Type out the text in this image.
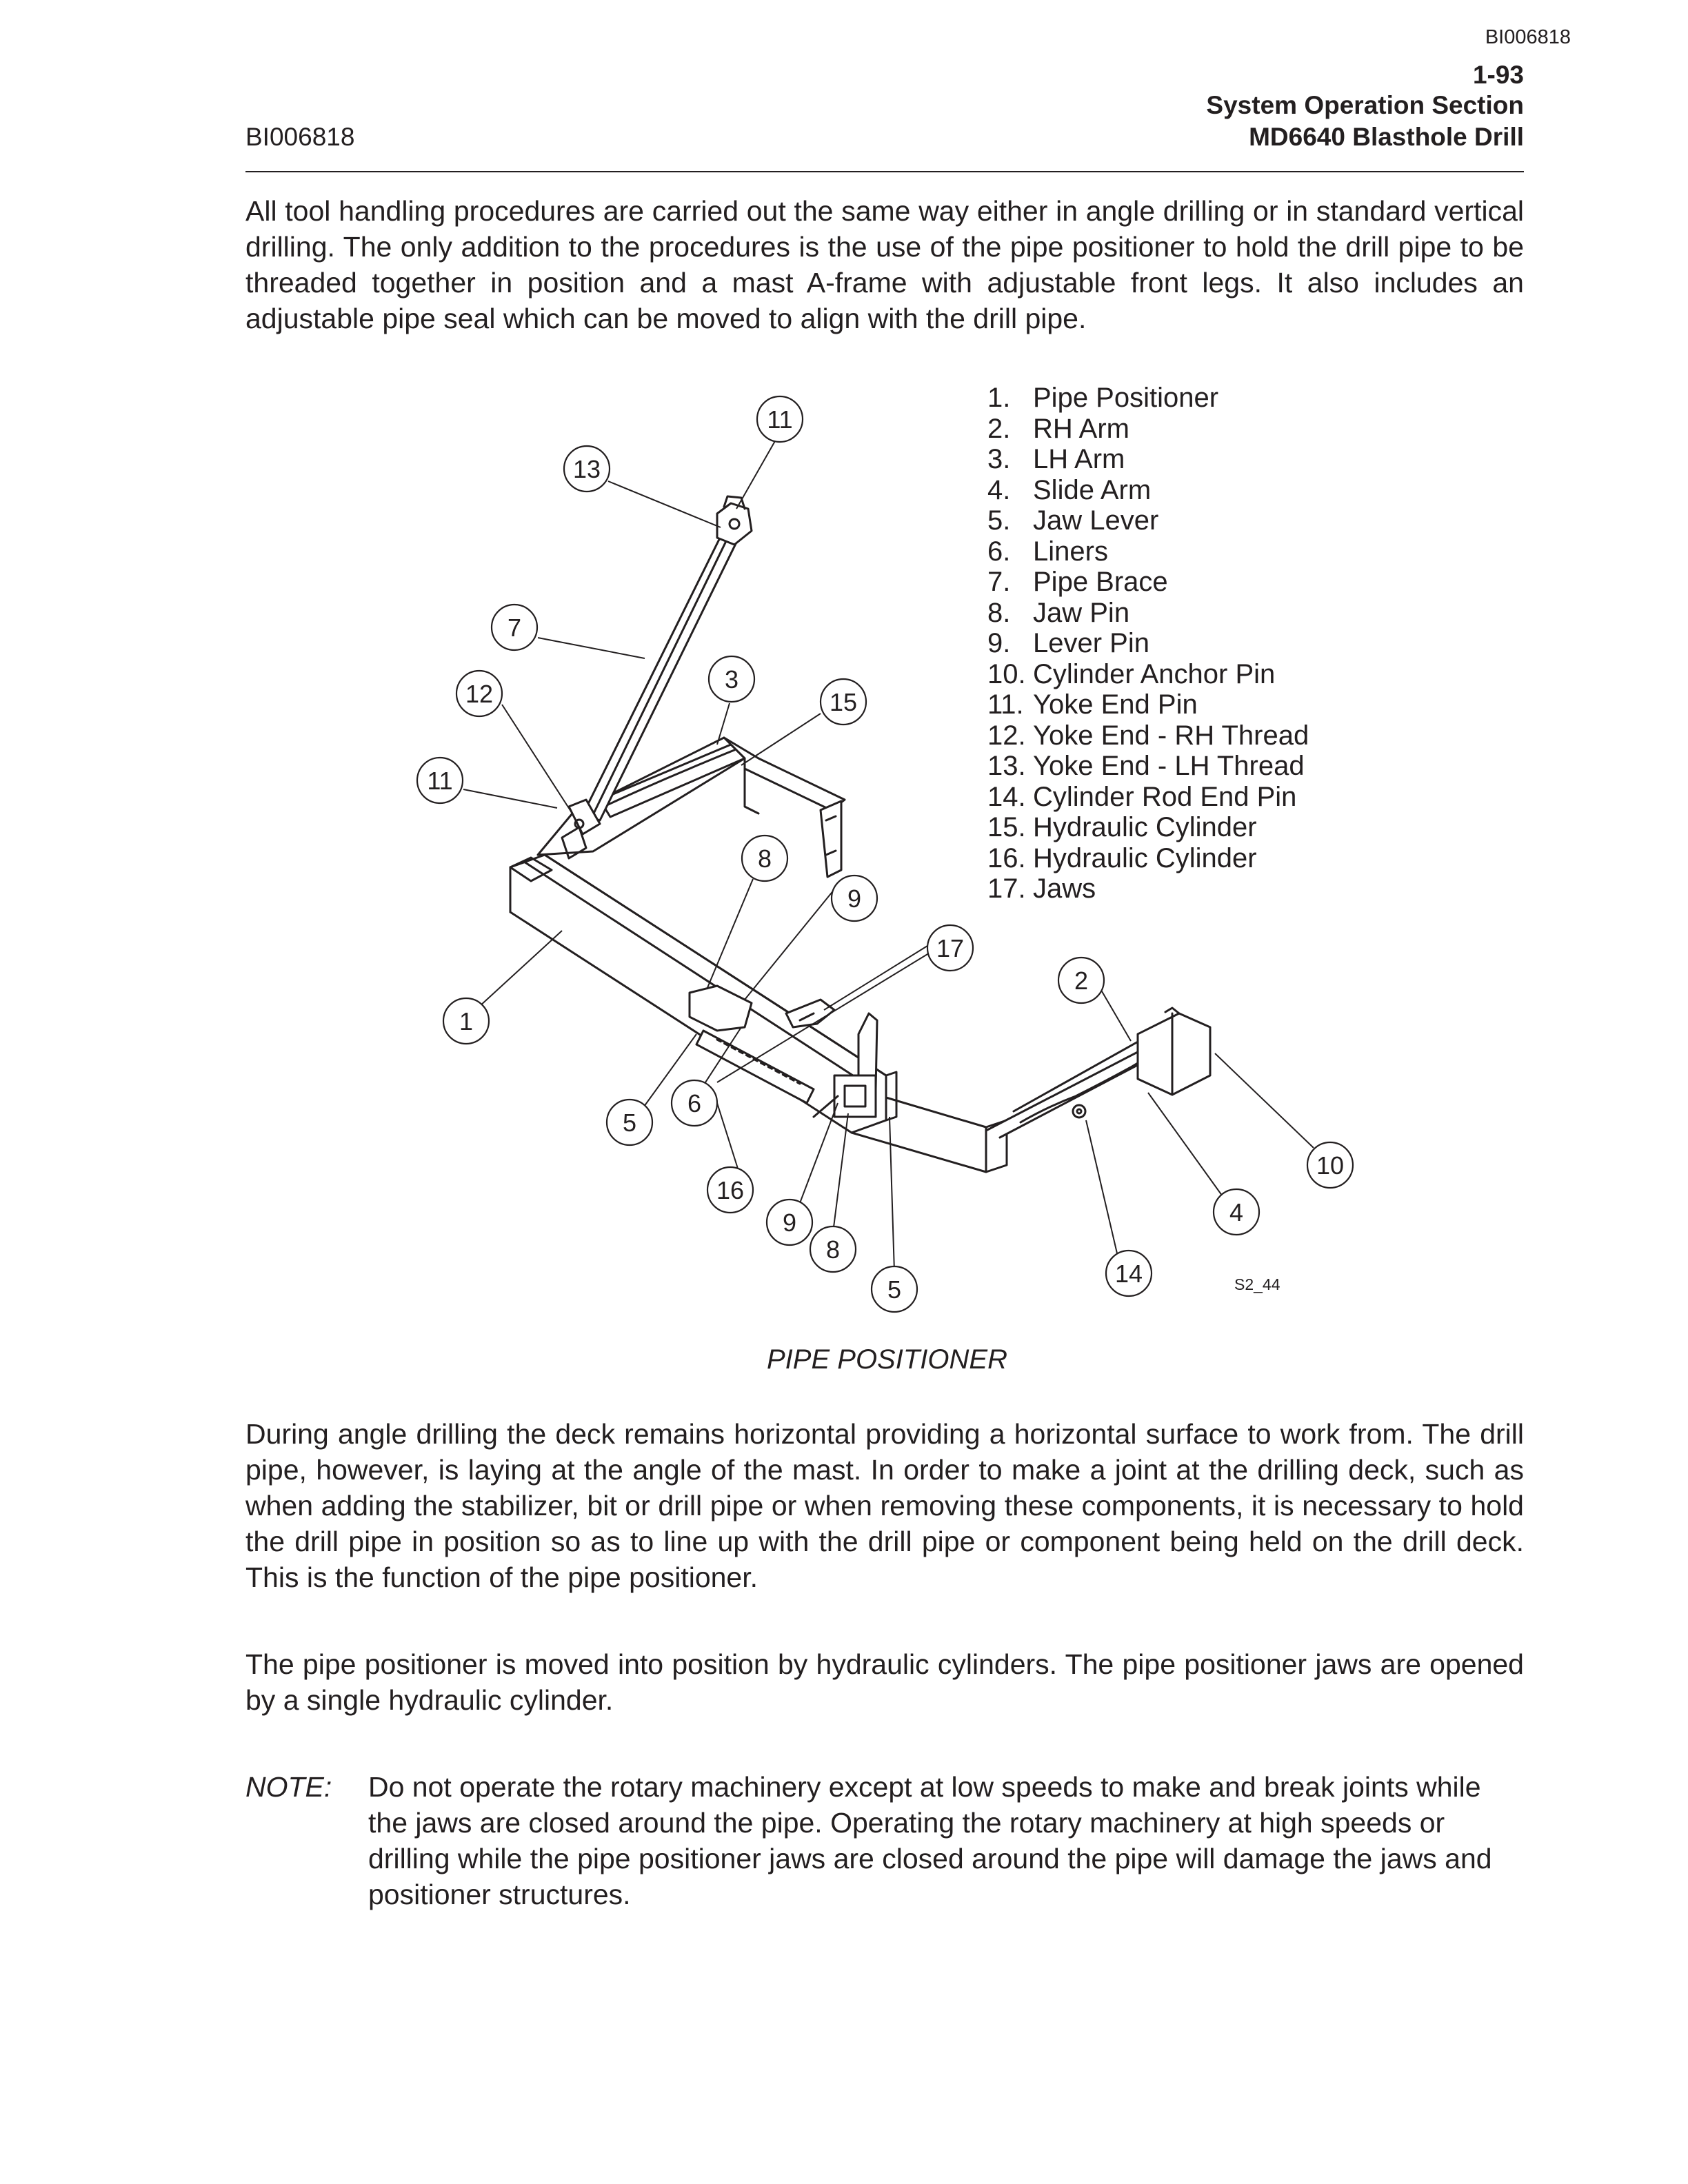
BI006818
1-93
System Operation Section
MD6640 Blasthole Drill
BI006818
All tool handling procedures are carried out the same way either in angle drilling or in standard vertical drilling. The only addition to the procedures is the use of the pipe positioner to hold the drill pipe to be threaded together in position and a mast A-frame with adjustable front legs. It also includes an adjustable pipe seal which can be moved to align with the drill pipe.
11
13
7
3
15
12
11
8
9
17
2
1
6
5
10
4
16
9
8
5
14
1. Pipe Positioner
2. RH Arm
3. LH Arm
4. Slide Arm
5. Jaw Lever
6. Liners
7. Pipe Brace
8. Jaw Pin
9. Lever Pin
10. Cylinder Anchor Pin
11. Yoke End Pin
12. Yoke End - RH Thread
13. Yoke End - LH Thread
14. Cylinder Rod End Pin
15. Hydraulic Cylinder
16. Hydraulic Cylinder
17. Jaws
S2_44
PIPE POSITIONER
During angle drilling the deck remains horizontal providing a horizontal surface to work from. The drill pipe, however, is laying at the angle of the mast. In order to make a joint at the drilling deck, such as when adding the stabilizer, bit or drill pipe or when removing these components, it is necessary to hold the drill pipe in position so as to line up with the drill pipe or component being held on the drill deck. This is the function of the pipe positioner.
The pipe positioner is moved into position by hydraulic cylinders. The pipe positioner jaws are opened by a single hydraulic cylinder.
NOTE: Do not operate the rotary machinery except at low speeds to make and break joints while the jaws are closed around the pipe. Operating the rotary machinery at high speeds or drilling while the pipe positioner jaws are closed around the pipe will damage the jaws and positioner structures.
